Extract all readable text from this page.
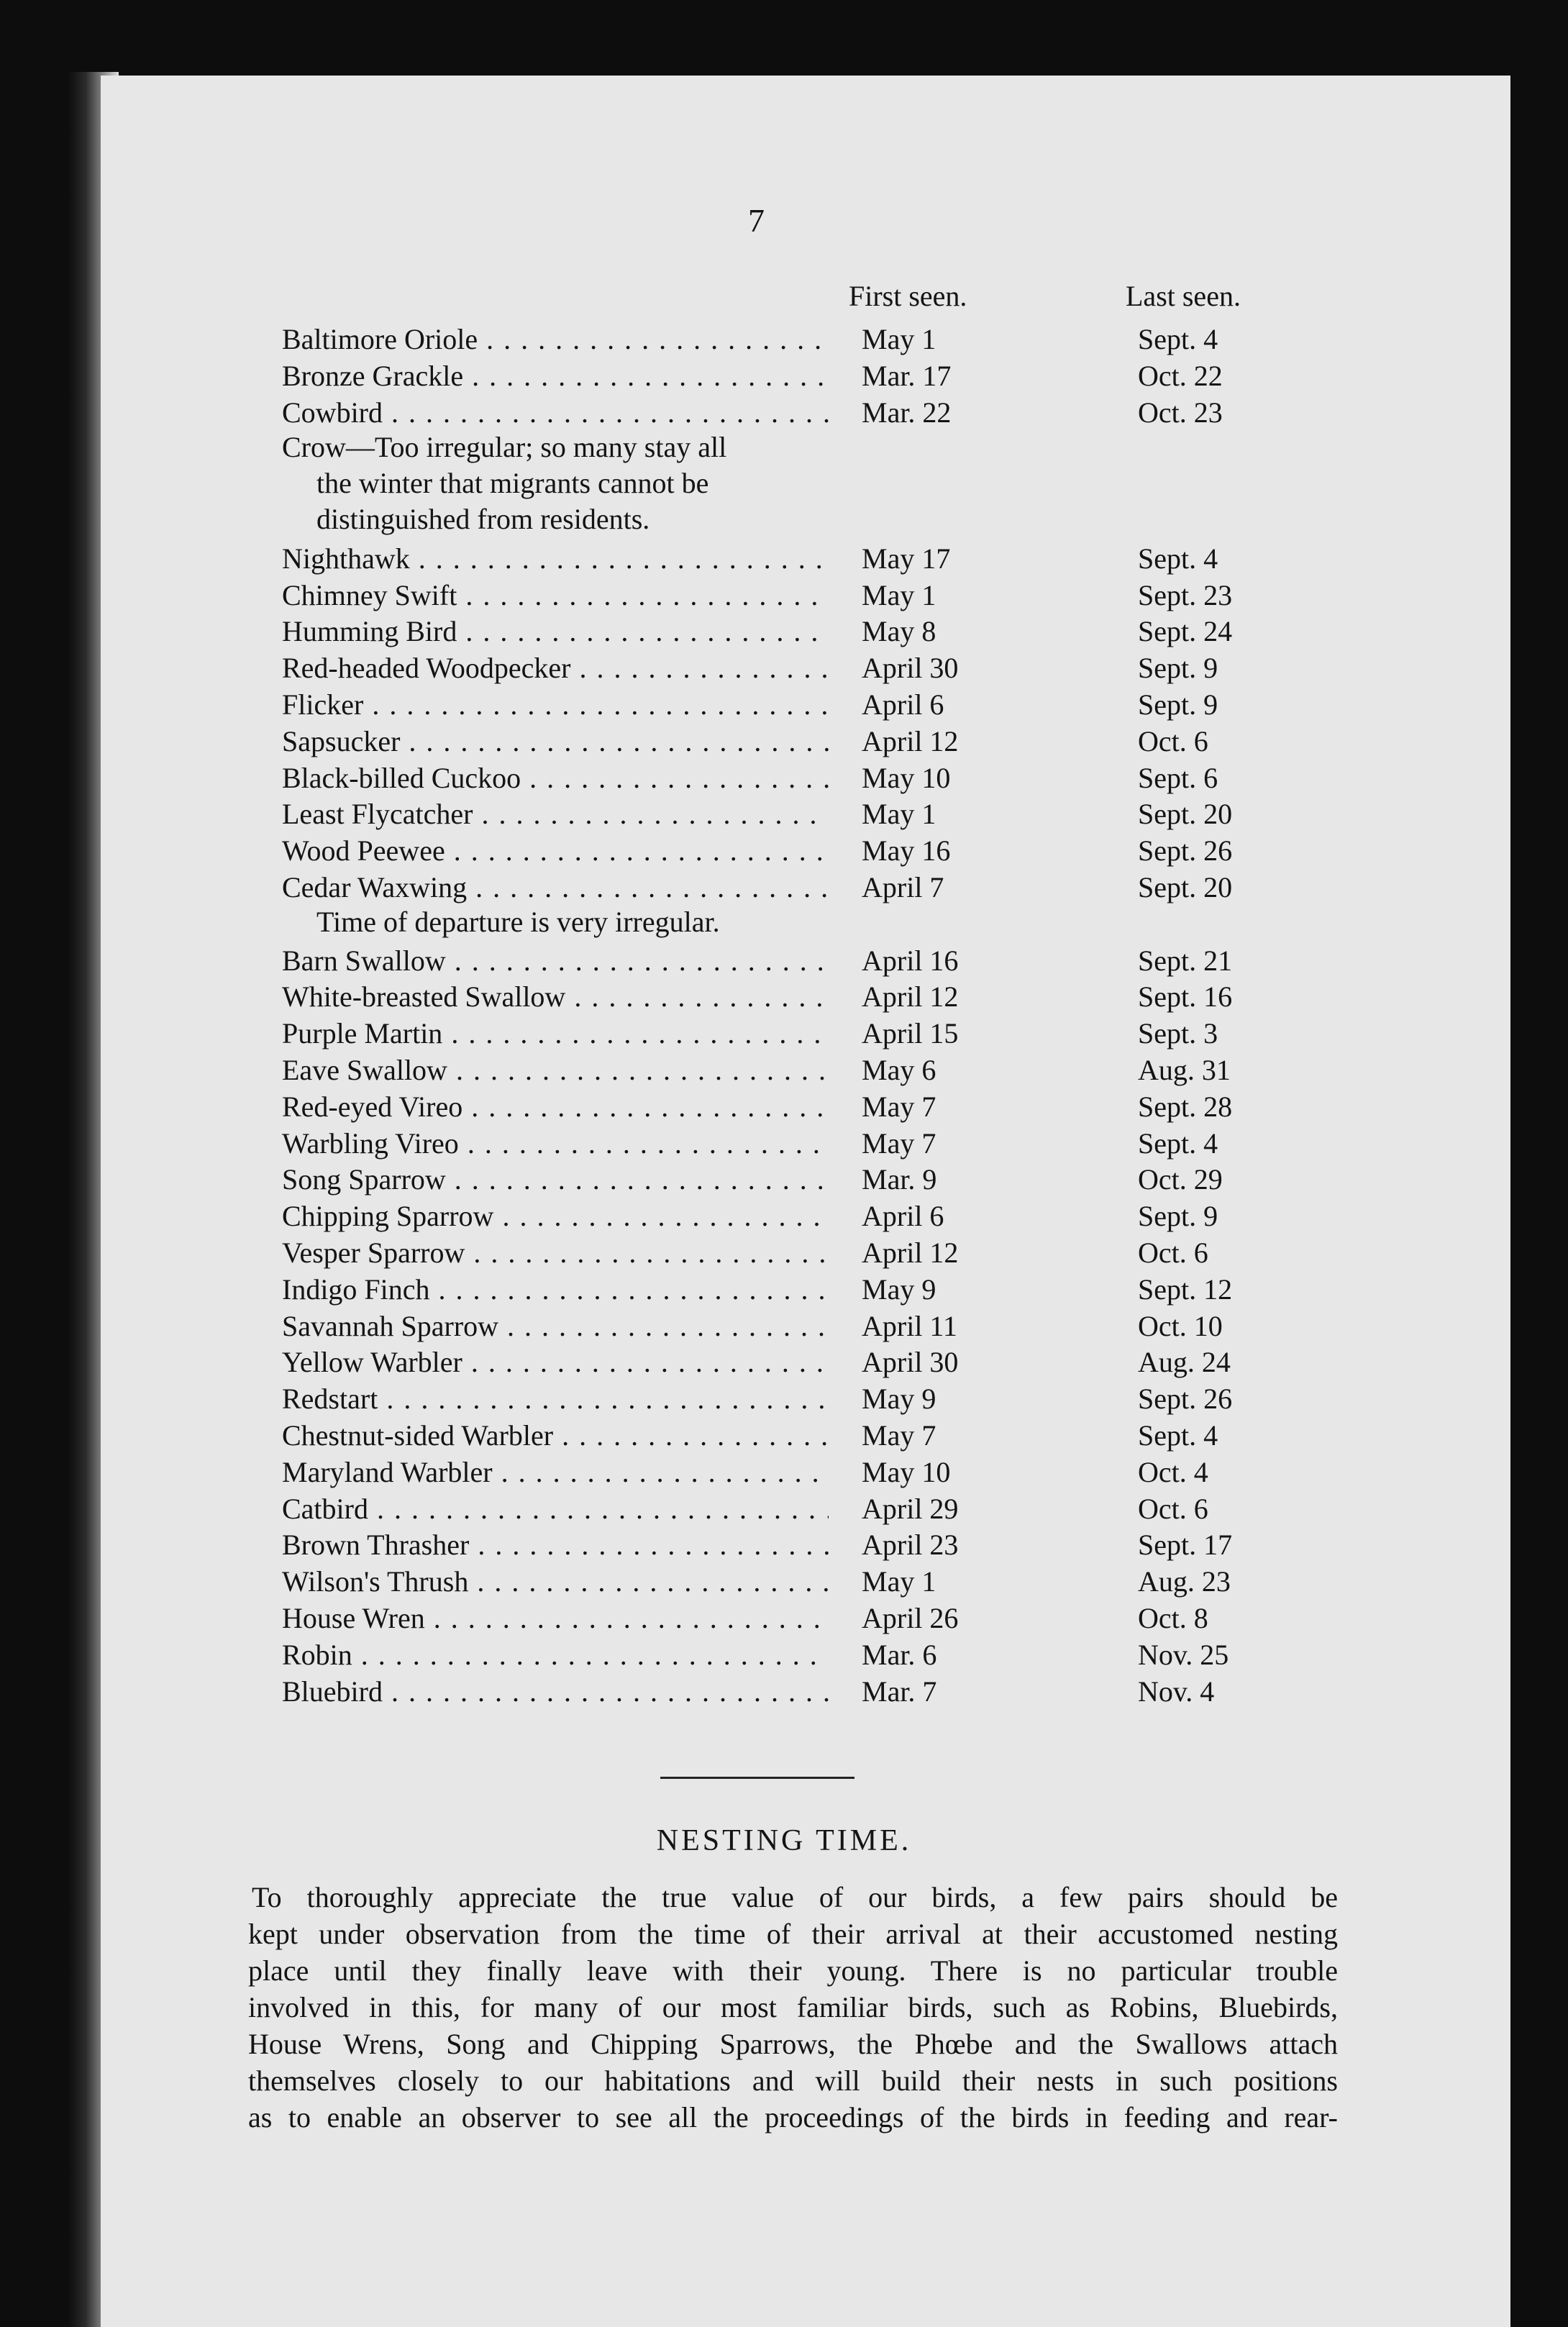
7
First seen.	Last seen.
Baltimore Oriole . . .	May 1	Sept. 4
Bronze Grackle . . .	Mar. 17	Oct. 22
Cowbird . . .	Mar. 22	Oct. 23
Nighthawk . . .	May 17	Sept. 4
Chimney Swift . . .	May 1	Sept. 23
Humming Bird . . .	May 8	Sept. 24
Red-headed Woodpecker . . .	April 30	Sept. 9
Flicker . . .	April 6	Sept. 9
Sapsucker . . .	April 12	Oct. 6
Black-billed Cuckoo . . .	May 10	Sept. 6
Least Flycatcher . . .	May 1	Sept. 20
Wood Peewee . . .	May 16	Sept. 26
Cedar Waxwing . . .	April 7	Sept. 20
Barn Swallow . . .	April 16	Sept. 21
White-breasted Swallow . . .	April 12	Sept. 16
Purple Martin . . .	April 15	Sept. 3
Eave Swallow . . .	May 6	Aug. 31
Red-eyed Vireo . . .	May 7	Sept. 28
Warbling Vireo . . .	May 7	Sept. 4
Song Sparrow . . .	Mar. 9	Oct. 29
Chipping Sparrow . . .	April 6	Sept. 9
Vesper Sparrow . . .	April 12	Oct. 6
Indigo Finch . . .	May 9	Sept. 12
Savannah Sparrow . . .	April 11	Oct. 10
Yellow Warbler . . .	April 30	Aug. 24
Redstart . . .	May 9	Sept. 26
Chestnut-sided Warbler . . .	May 7	Sept. 4
Maryland Warbler . . .	May 10	Oct. 4
Catbird . . .	April 29	Oct. 6
Brown Thrasher . . .	April 23	Sept. 17
Wilson's Thrush . . .	May 1	Aug. 23
House Wren . . .	April 26	Oct. 8
Robin . . .	Mar. 6	Nov. 25
Bluebird . . .	Mar. 7	Nov. 4
Crow—Too irregular; so many stay all
the winter that migrants cannot be
distinguished from residents.
Time of departure is very irregular.
NESTING TIME.
To thoroughly appreciate the true value of our birds, a few pairs should be
kept under observation from the time of their arrival at their accustomed nesting
place until they finally leave with their young. There is no particular trouble
involved in this, for many of our most familiar birds, such as Robins, Bluebirds,
House Wrens, Song and Chipping Sparrows, the Phœbe and the Swallows attach
themselves closely to our habitations and will build their nests in such positions
as to enable an observer to see all the proceedings of the birds in feeding and rear-
